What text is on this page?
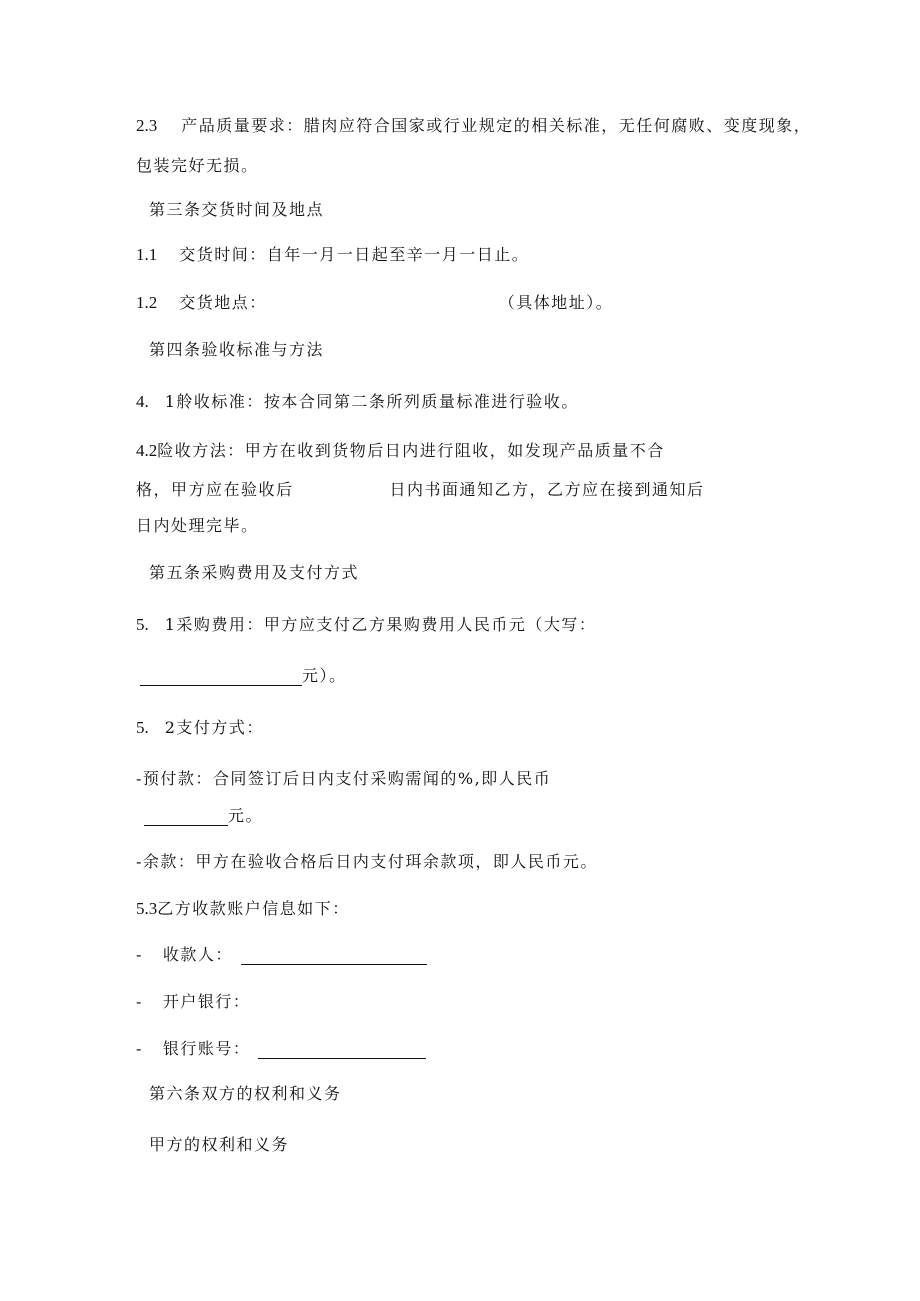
2.3 产品质量要求：腊肉应符合国家或行业规定的相关标准，无任何腐败、变度现象，
包装完好无损。
第三条交货时间及地点
1.1 交货时间：自年一月一日起至辛一月一日止。
1.2 交货地点：	（具体地址）。
第四条验收标准与方法
4. 1舲收标准：按本合同第二条所列质量标准进行验收。
4.2险收方法：甲方在收到货物后日内进行阻收，如发现产品质量不合
格，甲方应在验收后	日内书面通知乙方，乙方应在接到通知后
日内处理完毕。
第五条采购费用及支付方式
5. 1采购费用：甲方应支付乙方果购费用人民币元（大写：
元）。
5. 2支付方式：
-预付款：合同签订后日内支付采购需闻的%,即人民币
元。
-余款：甲方在验收合格后日内支付珥余款项，即人民币元。
5.3乙方收款账户信息如下：
- 收款人：
- 开户银行：
- 银行账号：
第六条双方的权利和义务
甲方的权利和义务
